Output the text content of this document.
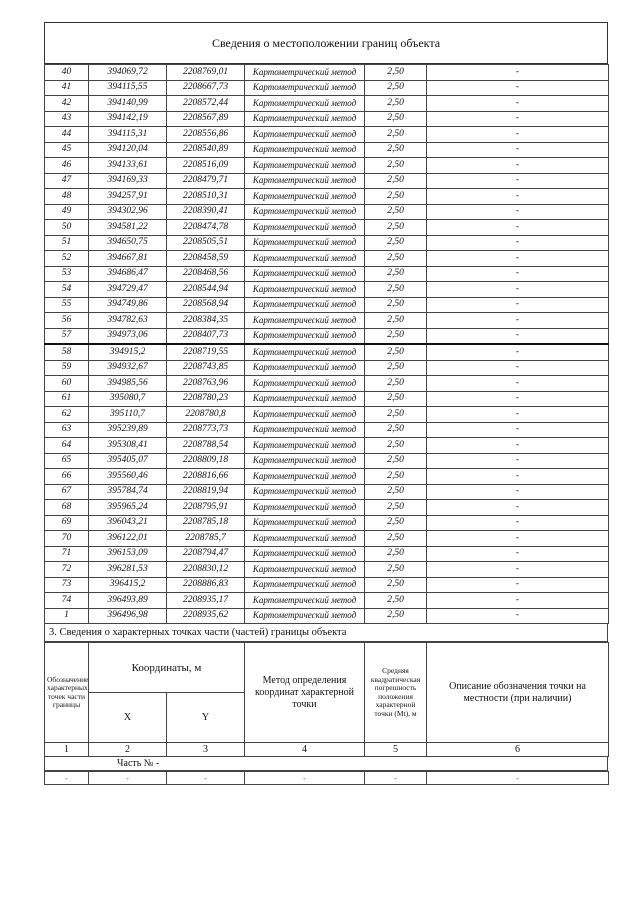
Сведения о местоположении границ объекта
40	394069,72	2208769,01	Картометрический метод	2,50	-
41	394115,55	2208667,73	Картометрический метод	2,50	-
42	394140,99	2208572,44	Картометрический метод	2,50	-
43	394142,19	2208567,89	Картометрический метод	2,50	-
44	394115,31	2208556,86	Картометрический метод	2,50	-
45	394120,04	2208540,89	Картометрический метод	2,50	-
46	394133,61	2208516,09	Картометрический метод	2,50	-
47	394169,33	2208479,71	Картометрический метод	2,50	-
48	394257,91	2208510,31	Картометрический метод	2,50	-
49	394302,96	2208390,41	Картометрический метод	2,50	-
50	394581,22	2208474,78	Картометрический метод	2,50	-
51	394650,75	2208505,51	Картометрический метод	2,50	-
52	394667,81	2208458,59	Картометрический метод	2,50	-
53	394686,47	2208468,56	Картометрический метод	2,50	-
54	394729,47	2208544,94	Картометрический метод	2,50	-
55	394749,86	2208568,94	Картометрический метод	2,50	-
56	394782,63	2208384,35	Картометрический метод	2,50	-
57	394973,06	2208407,73	Картометрический метод	2,50	-
58	394915,2	2208719,55	Картометрический метод	2,50	-
59	394932,67	2208743,85	Картометрический метод	2,50	-
60	394985,56	2208763,96	Картометрический метод	2,50	-
61	395080,7	2208780,23	Картометрический метод	2,50	-
62	395110,7	2208780,8	Картометрический метод	2,50	-
63	395239,89	2208773,73	Картометрический метод	2,50	-
64	395308,41	2208788,54	Картометрический метод	2,50	-
65	395405,07	2208809,18	Картометрический метод	2,50	-
66	395560,46	2208816,66	Картометрический метод	2,50	-
67	395784,74	2208819,94	Картометрический метод	2,50	-
68	395965,24	2208795,91	Картометрический метод	2,50	-
69	396043,21	2208785,18	Картометрический метод	2,50	-
70	396122,01	2208785,7	Картометрический метод	2,50	-
71	396153,09	2208794,47	Картометрический метод	2,50	-
72	396281,53	2208830,12	Картометрический метод	2,50	-
73	396415,2	2208886,83	Картометрический метод	2,50	-
74	396493,89	2208935,17	Картометрический метод	2,50	-
1	396496,98	2208935,62	Картометрический метод	2,50	-
3. Сведения о характерных точках части (частей) границы объекта
Обозначение характерных точек части границы	Координаты, м		Метод определения координат характерной точки	Средняя квадратическая погрешность положения характерной точки (Mt), м	Описание обозначения точки на местности (при наличии)
	X	Y			
1	2	3	4	5	6
Часть № -
-	-	-	-	-	-
